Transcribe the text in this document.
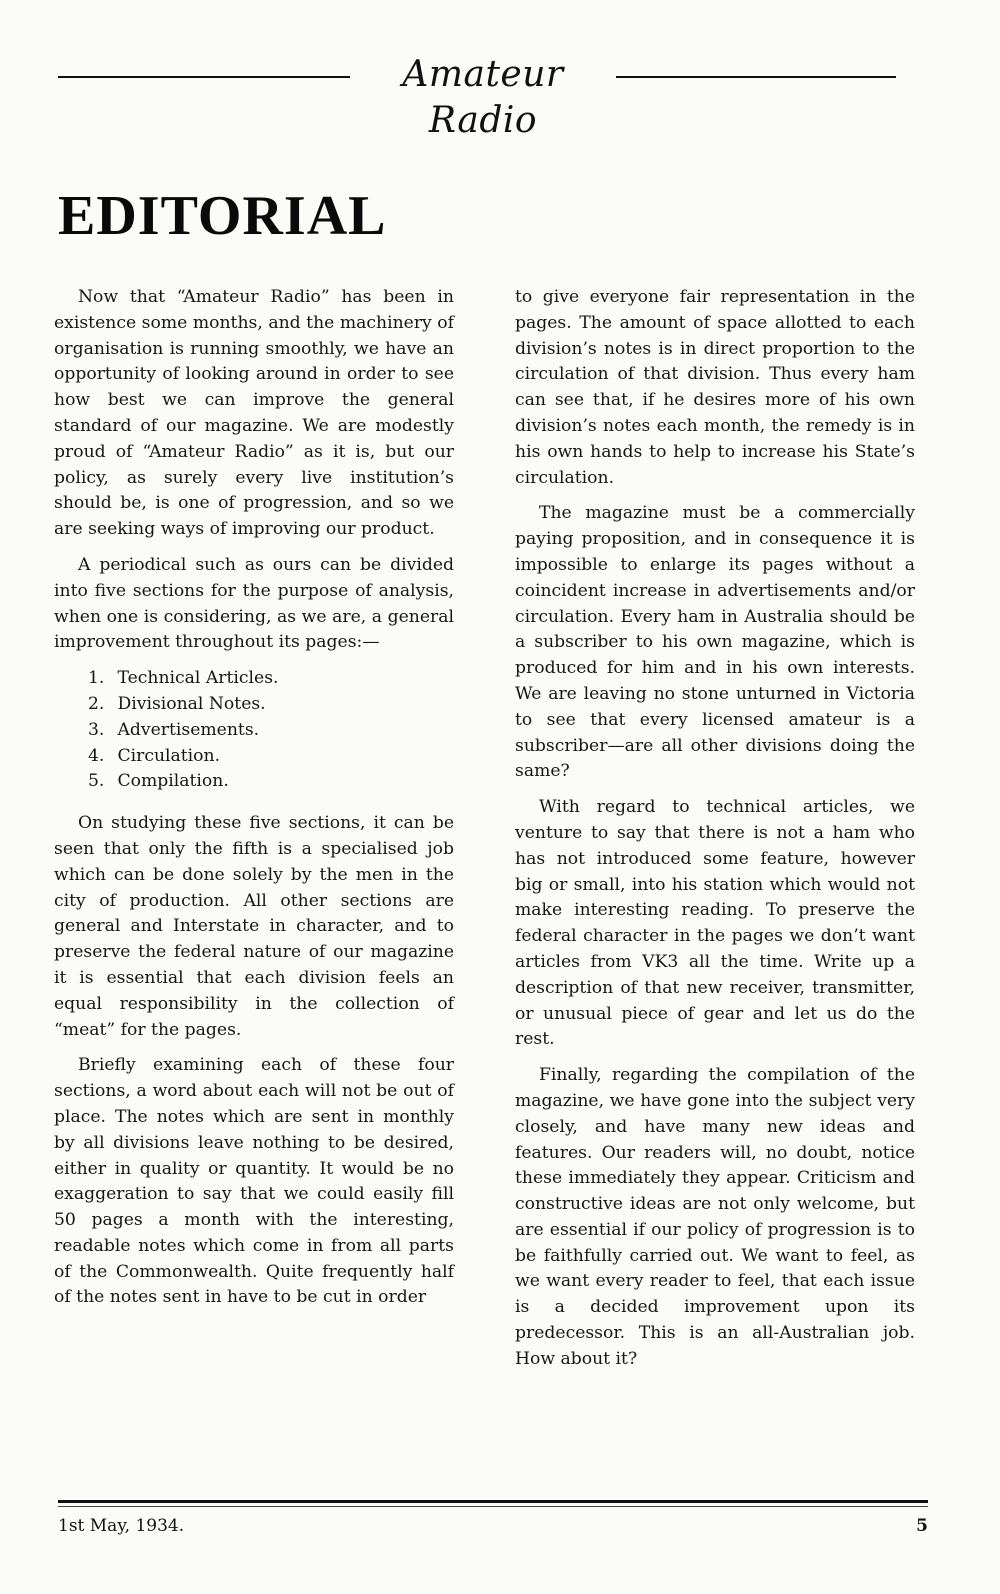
Amateur Radio
EDITORIAL

Now that “Amateur Radio” has been in existence some months, and the machinery of organisation is running smoothly, we have an opportunity of looking around in order to see how best we can improve the general standard of our magazine. We are modestly proud of “Amateur Radio” as it is, but our policy, as surely every live institution’s should be, is one of progression, and so we are seeking ways of improving our product.

A periodical such as ours can be divided into five sections for the purpose of analysis, when one is considering, as we are, a general improvement throughout its pages:—

1. Technical Articles.
2. Divisional Notes.
3. Advertisements.
4. Circulation.
5. Compilation.

On studying these five sections, it can be seen that only the fifth is a specialised job which can be done solely by the men in the city of production. All other sections are general and Interstate in character, and to preserve the federal nature of our magazine it is essential that each division feels an equal responsibility in the collection of “meat” for the pages.

Briefly examining each of these four sections, a word about each will not be out of place. The notes which are sent in monthly by all divisions leave nothing to be desired, either in quality or quantity. It would be no exaggeration to say that we could easily fill 50 pages a month with the interesting, readable notes which come in from all parts of the Commonwealth. Quite frequently half of the notes sent in have to be cut in order

to give everyone fair representation in the pages. The amount of space allotted to each division’s notes is in direct proportion to the circulation of that division. Thus every ham can see that, if he desires more of his own division’s notes each month, the remedy is in his own hands to help to increase his State’s circulation.

The magazine must be a commercially paying proposition, and in consequence it is impossible to enlarge its pages without a coincident increase in advertisements and/or circulation. Every ham in Australia should be a subscriber to his own magazine, which is produced for him and in his own interests. We are leaving no stone unturned in Victoria to see that every licensed amateur is a subscriber—are all other divisions doing the same?

With regard to technical articles, we venture to say that there is not a ham who has not introduced some feature, however big or small, into his station which would not make interesting reading. To preserve the federal character in the pages we don’t want articles from VK3 all the time. Write up a description of that new receiver, transmitter, or unusual piece of gear and let us do the rest.

Finally, regarding the compilation of the magazine, we have gone into the subject very closely, and have many new ideas and features. Our readers will, no doubt, notice these immediately they appear. Criticism and constructive ideas are not only welcome, but are essential if our policy of progression is to be faithfully carried out. We want to feel, as we want every reader to feel, that each issue is a decided improvement upon its predecessor. This is an all-Australian job. How about it?

1st May, 1934.	5
